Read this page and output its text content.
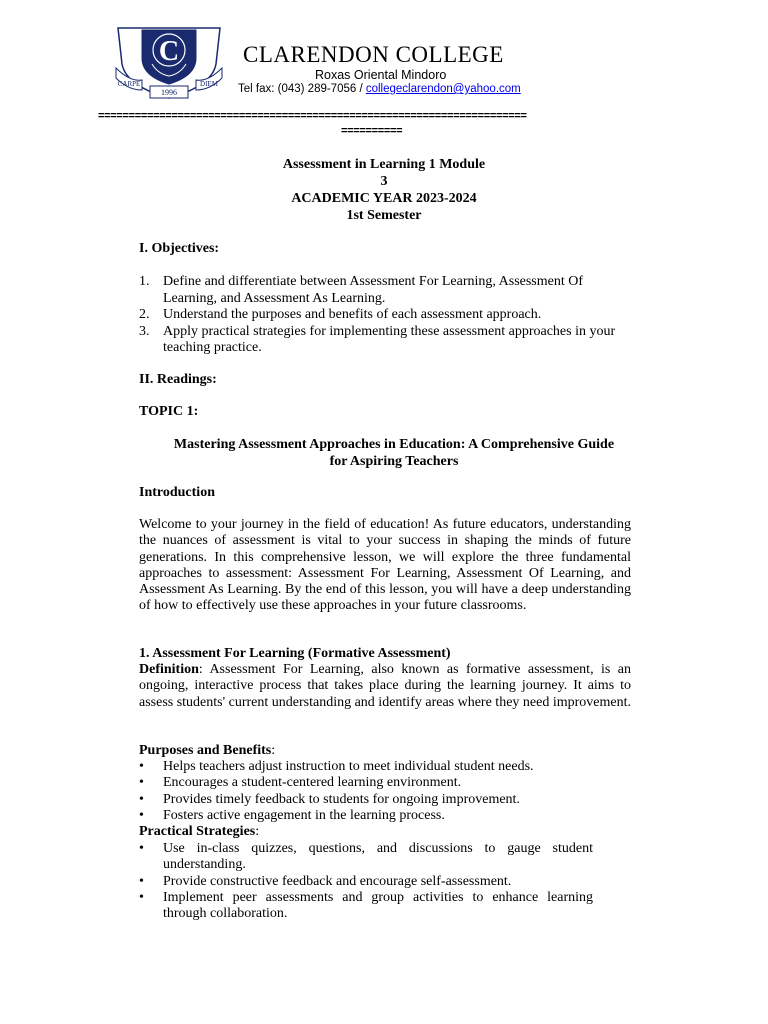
C
CARPE	DIEM
1996
CLARENDON COLLEGE
Roxas Oriental Mindoro
Tel fax: (043) 289-7056 / collegeclarendon@yahoo.com
======================================================================
==========
Assessment in Learning 1 Module
3
ACADEMIC YEAR 2023-2024
1st Semester
I. Objectives:
1. Define and differentiate between Assessment For Learning, Assessment Of Learning, and Assessment As Learning.
2. Understand the purposes and benefits of each assessment approach.
3. Apply practical strategies for implementing these assessment approaches in your teaching practice.
II. Readings:
TOPIC 1:
Mastering Assessment Approaches in Education: A Comprehensive Guide
for Aspiring Teachers
Introduction
Welcome to your journey in the field of education! As future educators, understanding the nuances of assessment is vital to your success in shaping the minds of future generations. In this comprehensive lesson, we will explore the three fundamental approaches to assessment: Assessment For Learning, Assessment Of Learning, and Assessment As Learning. By the end of this lesson, you will have a deep understanding of how to effectively use these approaches in your future classrooms.
1. Assessment For Learning (Formative Assessment)
Definition: Assessment For Learning, also known as formative assessment, is an ongoing, interactive process that takes place during the learning journey. It aims to assess students' current understanding and identify areas where they need improvement.
Purposes and Benefits:
•	Helps teachers adjust instruction to meet individual student needs.
•	Encourages a student-centered learning environment.
•	Provides timely feedback to students for ongoing improvement.
•	Fosters active engagement in the learning process.
Practical Strategies:
•	Use in-class quizzes, questions, and discussions to gauge student understanding.
•	Provide constructive feedback and encourage self-assessment.
•	Implement peer assessments and group activities to enhance learning through collaboration.
